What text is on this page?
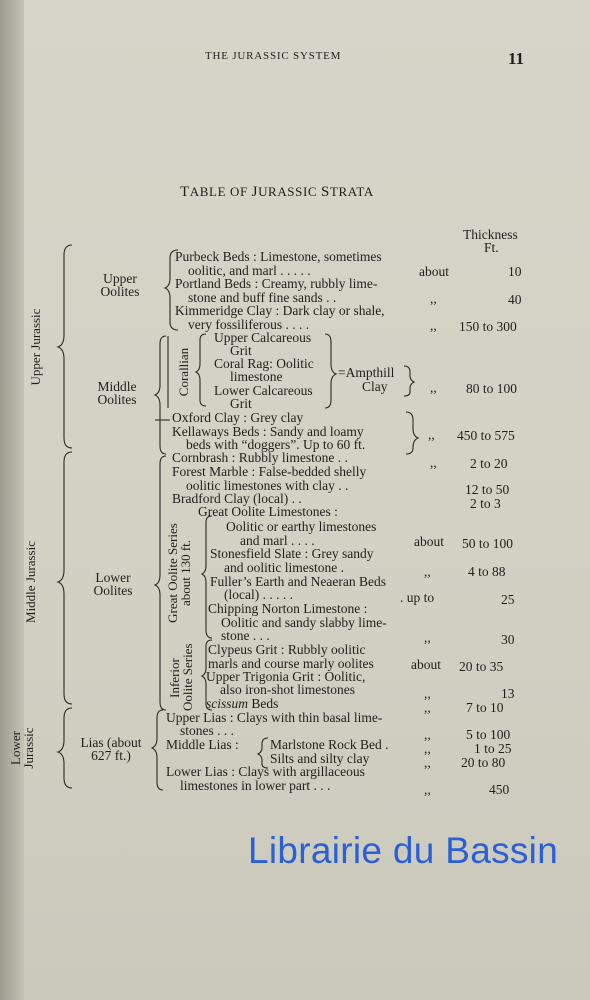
THE JURASSIC SYSTEM	11
TABLE OF JURASSIC STRATA
Thickness
Ft.
Upper Jurassic
Middle Jurassic
Lower
Jurassic
Upper
Oolites
Middle
Oolites
Lower
Oolites
Lias (about
627 ft.)
Corallian
Great Oolite Series
about 130 ft.
Inferior
Oolite Series
Purbeck Beds : Limestone, sometimes
oolitic, and marl . . . . .
Portland Beds : Creamy, rubbly lime-
stone and buff fine sands . .
Kimmeridge Clay : Dark clay or shale,
very fossiliferous . . . .
Upper Calcareous
Grit
Coral Rag: Oolitic
limestone
Lower Calcareous
Grit
=Ampthill
Clay
Oxford Clay : Grey clay
Kellaways Beds : Sandy and loamy
beds with “doggers”. Up to 60 ft.
Cornbrash : Rubbly limestone . .
Forest Marble : False-bedded shelly
oolitic limestones with clay . .
Bradford Clay (local) . .
Great Oolite Limestones :
Oolitic or earthy limestones
and marl . . . .
Stonesfield Slate : Grey sandy
and oolitic limestone .
Fuller’s Earth and Neaeran Beds
(local) . . . . .
Chipping Norton Limestone :
Oolitic and sandy slabby lime-
stone . . .
Clypeus Grit : Rubbly oolitic
marls and course marly oolites
Upper Trigonia Grit : Oolitic,
also iron-shot limestones
scissum Beds
Upper Lias : Clays with thin basal lime-
stones . . .
Middle Lias : Marlstone Rock Bed .
Silts and silty clay
Lower Lias : Clays with argillaceous
limestones in lower part . . .
about
,,
,,
,,
,,
,,
about
,,
. up to
,,
about
,,
,,
,,
,,
,,
,,
10
40
150 to 300
80 to 100
450 to 575
2 to 20
12 to 50
2 to 3
50 to 100
4 to 88
25
30
20 to 35
13
7 to 10
5 to 100
1 to 25
20 to 80
450
Librairie du Bassin
